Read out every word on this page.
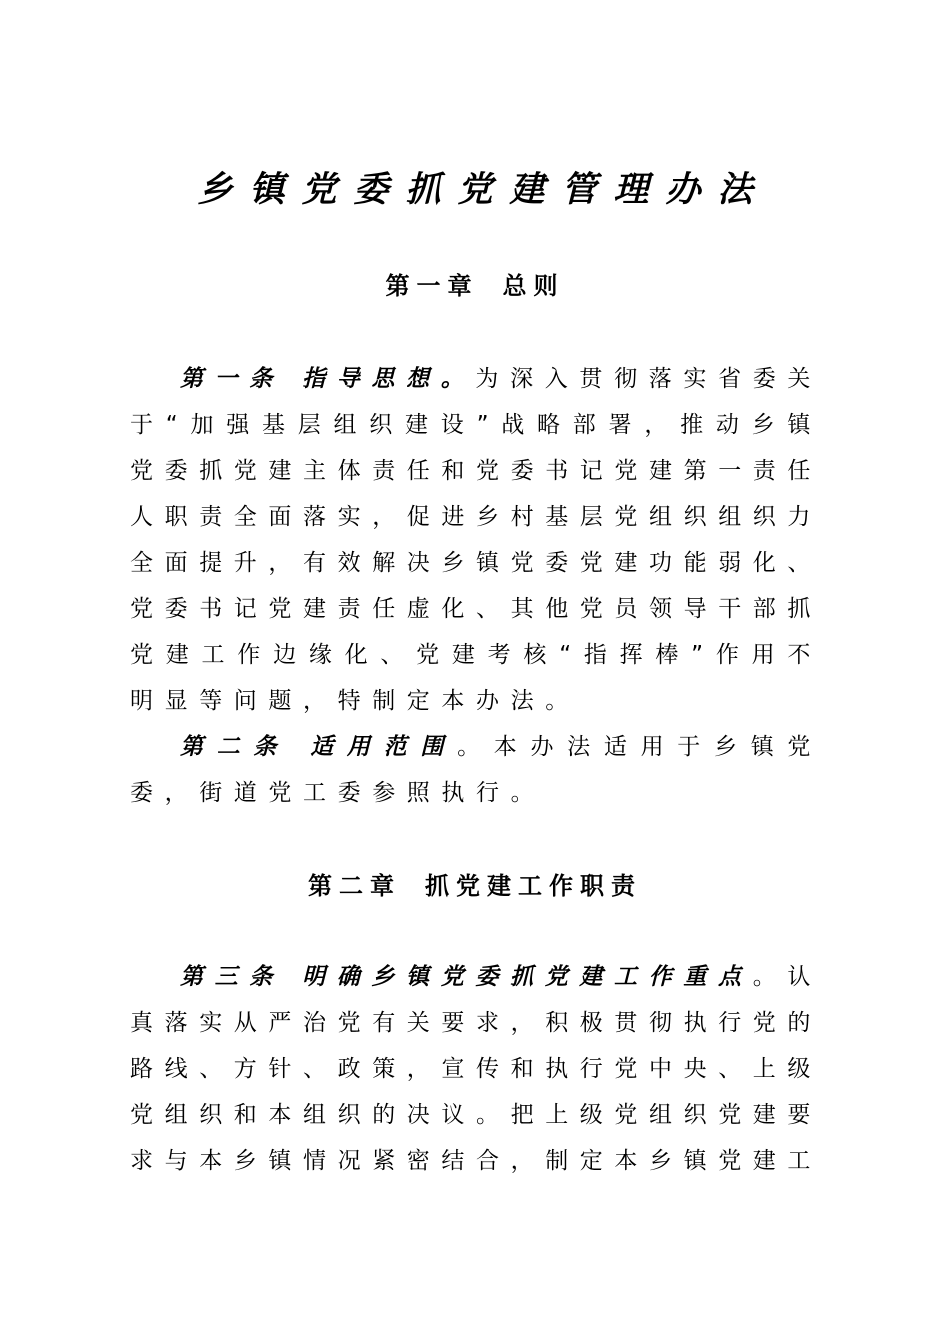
乡镇党委抓党建管理办法
第一章 总则

第一条 指导思想。为深入贯彻落实省委关于“加强基层组织建设”战略部署，推动乡镇党委抓党建主体责任和党委书记党建第一责任人职责全面落实，促进乡村基层党组织组织力全面提升，有效解决乡镇党委党建功能弱化、党委书记党建责任虚化、其他党员领导干部抓党建工作边缘化、党建考核“指挥棒”作用不明显等问题，特制定本办法。

第二条 适用范围。本办法适用于乡镇党委，街道党工委参照执行。

第二章 抓党建工作职责

第三条 明确乡镇党委抓党建工作重点。认真落实从严治党有关要求，积极贯彻执行党的路线、方针、政策，宣传和执行党中央、上级党组织和本组织的决议。把上级党组织党建要求与本乡镇情况紧密结合，制定本乡镇党建工
